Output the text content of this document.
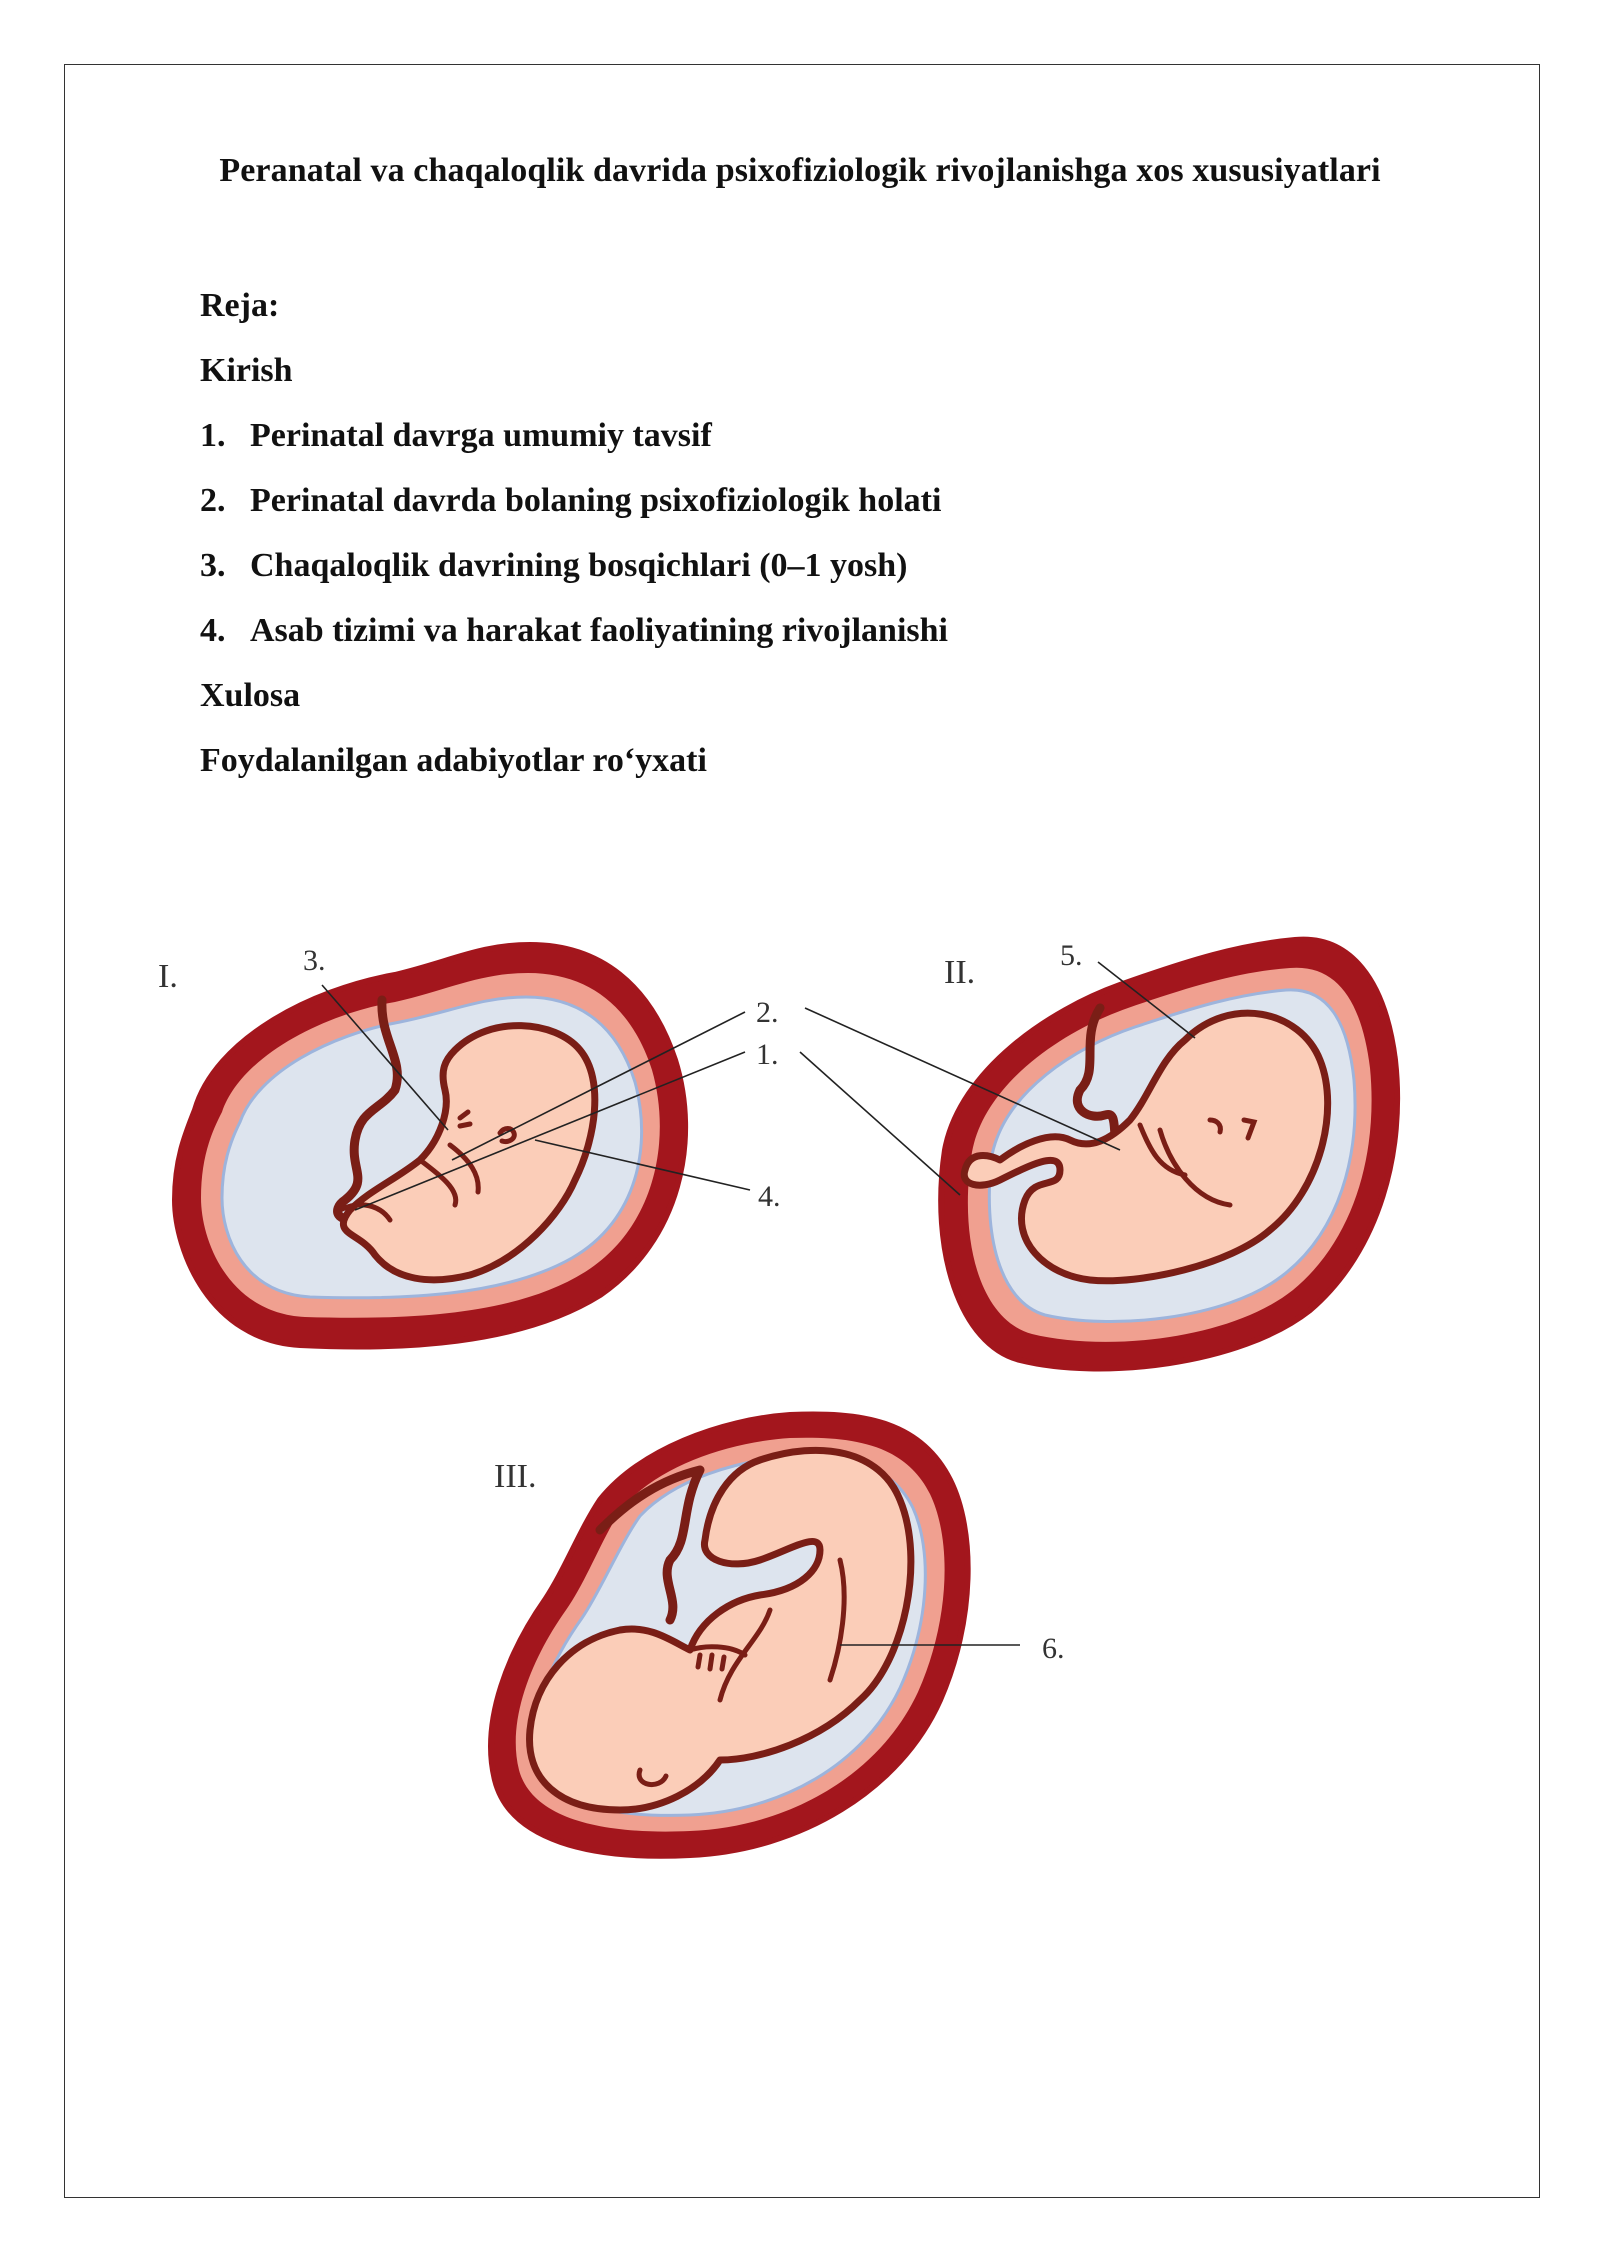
Peranatal va chaqaloqlik davrida psixofiziologik rivojlanishga xos xususiyatlari
Reja:
Kirish
1. Perinatal davrga umumiy tavsif
2. Perinatal davrda bolaning psixofiziologik holati
3. Chaqaloqlik davrining bosqichlari (0–1 yosh)
4. Asab tizimi va harakat faoliyatining rivojlanishi
Xulosa
Foydalanilgan adabiyotlar ro‘yxati
I.	II.
III.
1.
2.
3.
4.
5.
6.
